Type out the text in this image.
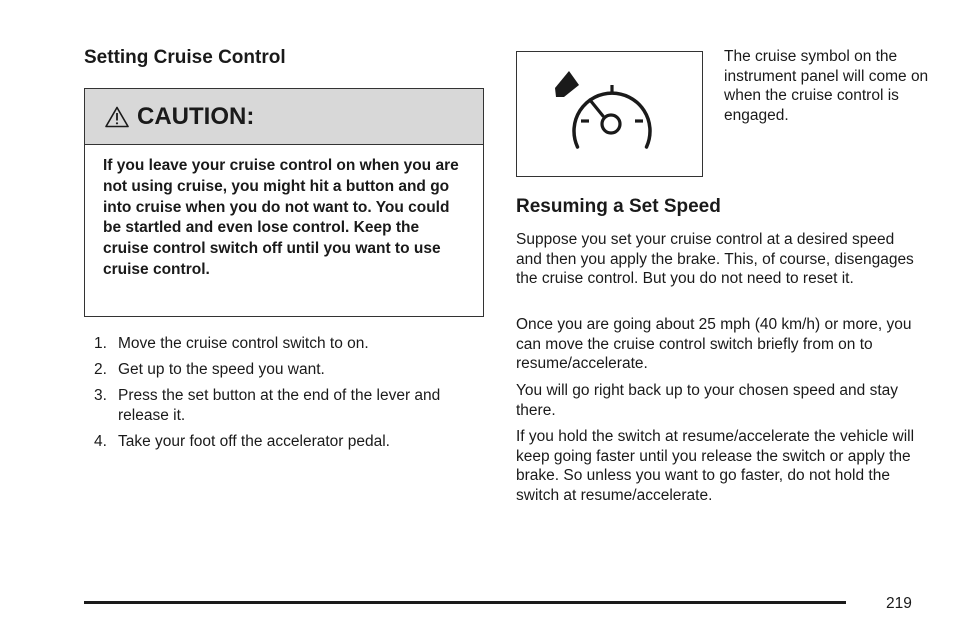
Setting Cruise Control
CAUTION:

If you leave your cruise control on when you are not using cruise, you might hit a button and go into cruise when you do not want to. You could be startled and even lose control. Keep the cruise control switch off until you want to use cruise control.

1. Move the cruise control switch to on.
2. Get up to the speed you want.
3. Press the set button at the end of the lever and release it.
4. Take your foot off the accelerator pedal.

The cruise symbol on the instrument panel will come on when the cruise control is engaged.

Resuming a Set Speed

Suppose you set your cruise control at a desired speed and then you apply the brake. This, of course, disengages the cruise control. But you do not need to reset it.

Once you are going about 25 mph (40 km/h) or more, you can move the cruise control switch briefly from on to resume/accelerate.

You will go right back up to your chosen speed and stay there.

If you hold the switch at resume/accelerate the vehicle will keep going faster until you release the switch or apply the brake. So unless you want to go faster, do not hold the switch at resume/accelerate.

219
